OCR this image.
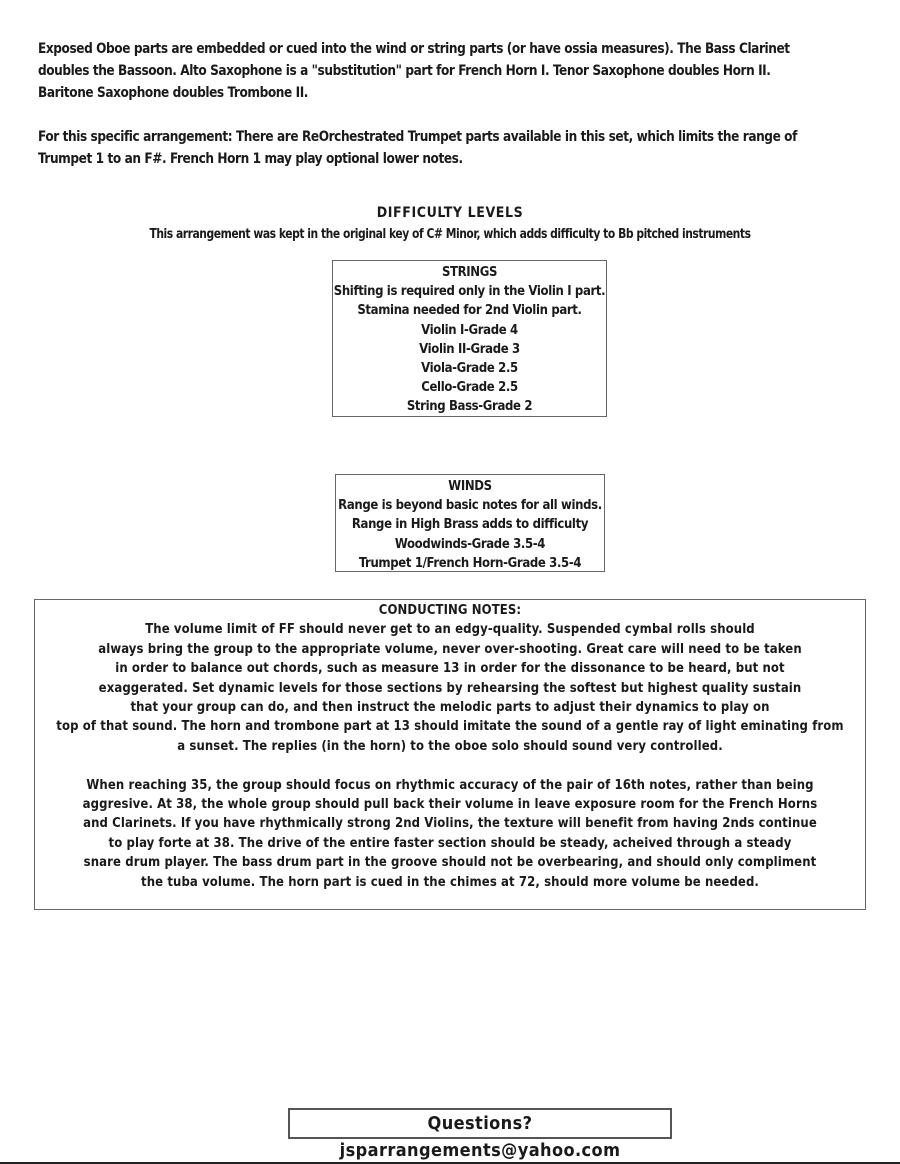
Exposed Oboe parts are embedded or cued into the wind or string parts (or have ossia measures). The Bass Clarinet doubles the Bassoon. Alto Saxophone is a "substitution" part for French Horn I. Tenor Saxophone doubles Horn II. Baritone Saxophone doubles Trombone II.

For this specific arrangement: There are ReOrchestrated Trumpet parts available in this set, which limits the range of Trumpet 1 to an F#. French Horn 1 may play optional lower notes.

DIFFICULTY LEVELS
This arrangement was kept in the original key of C# Minor, which adds difficulty to Bb pitched instruments
STRINGS
Shifting is required only in the Violin I part.
Stamina needed for 2nd Violin part.
Violin I-Grade 4
Violin II-Grade 3
Viola-Grade 2.5
Cello-Grade 2.5
String Bass-Grade 2
WINDS
Range is beyond basic notes for all winds.
Range in High Brass adds to difficulty
Woodwinds-Grade 3.5-4
Trumpet 1/French Horn-Grade 3.5-4
CONDUCTING NOTES:
The volume limit of FF should never get to an edgy-quality. Suspended cymbal rolls should
always bring the group to the appropriate volume, never over-shooting. Great care will need to be taken
in order to balance out chords, such as measure 13 in order for the dissonance to be heard, but not
exaggerated. Set dynamic levels for those sections by rehearsing the softest but highest quality sustain
that your group can do, and then instruct the melodic parts to adjust their dynamics to play on
top of that sound. The horn and trombone part at 13 should imitate the sound of a gentle ray of light eminating from
a sunset. The replies (in the horn) to the oboe solo should sound very controlled.
When reaching 35, the group should focus on rhythmic accuracy of the pair of 16th notes, rather than being
aggresive. At 38, the whole group should pull back their volume in leave exposure room for the French Horns
and Clarinets. If you have rhythmically strong 2nd Violins, the texture will benefit from having 2nds continue
to play forte at 38. The drive of the entire faster section should be steady, acheived through a steady
snare drum player. The bass drum part in the groove should not be overbearing, and should only compliment
the tuba volume. The horn part is cued in the chimes at 72, should more volume be needed.
Questions? jsparrangements@yahoo.com
